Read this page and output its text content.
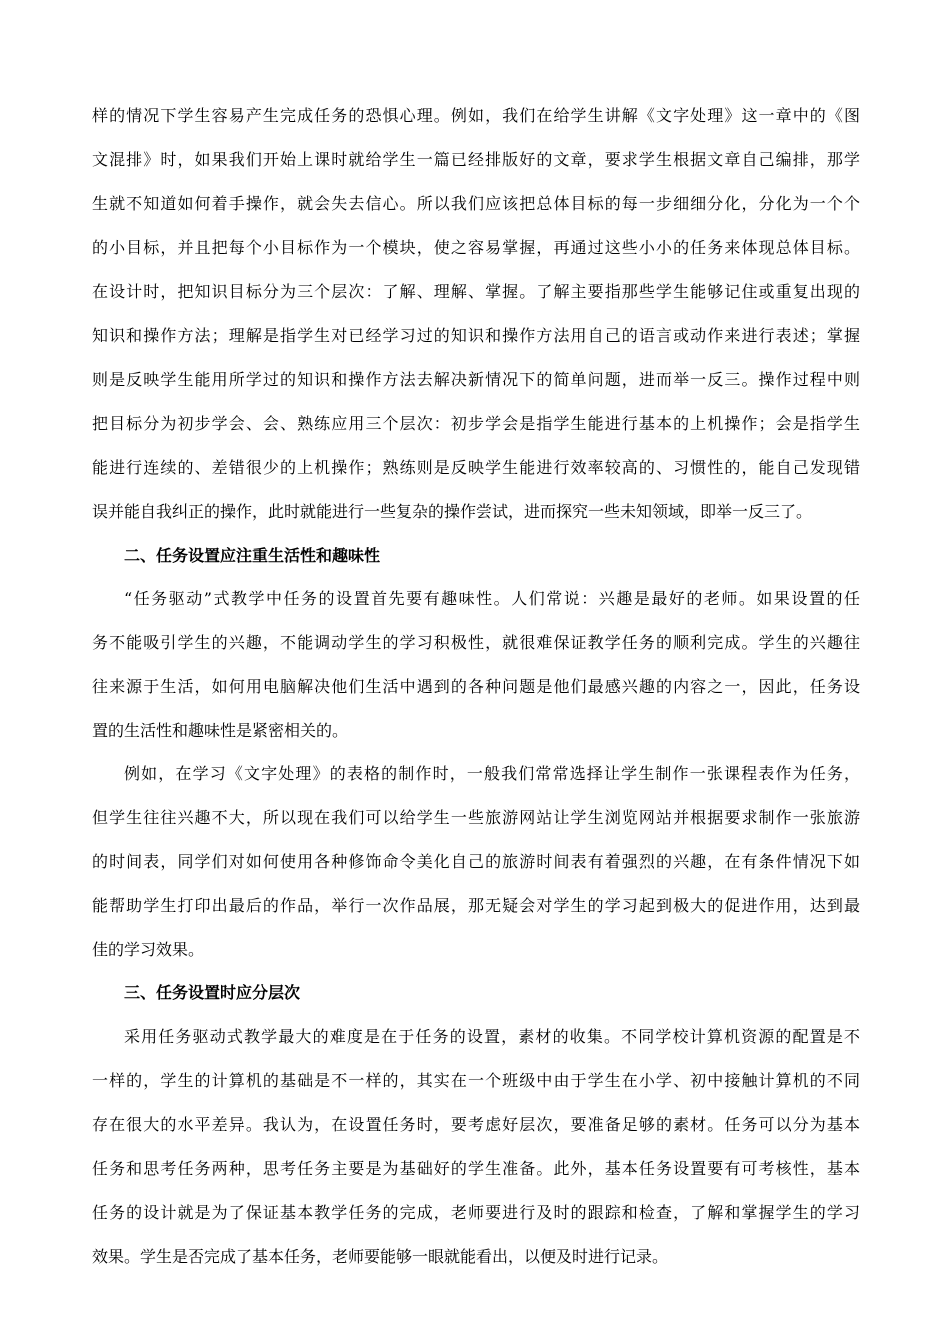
样的情况下学生容易产生完成任务的恐惧心理。例如，我们在给学生讲解《文字处理》这一章中的《图
文混排》时，如果我们开始上课时就给学生一篇已经排版好的文章，要求学生根据文章自己编排，那学
生就不知道如何着手操作，就会失去信心。所以我们应该把总体目标的每一步细细分化，分化为一个个
的小目标，并且把每个小目标作为一个模块，使之容易掌握，再通过这些小小的任务来体现总体目标。
在设计时，把知识目标分为三个层次：了解、理解、掌握。了解主要指那些学生能够记住或重复出现的
知识和操作方法；理解是指学生对已经学习过的知识和操作方法用自己的语言或动作来进行表述；掌握
则是反映学生能用所学过的知识和操作方法去解决新情况下的简单问题，进而举一反三。操作过程中则
把目标分为初步学会、会、熟练应用三个层次：初步学会是指学生能进行基本的上机操作；会是指学生
能进行连续的、差错很少的上机操作；熟练则是反映学生能进行效率较高的、习惯性的，能自己发现错
误并能自我纠正的操作，此时就能进行一些复杂的操作尝试，进而探究一些未知领域，即举一反三了。
二、任务设置应注重生活性和趣味性
“任务驱动”式教学中任务的设置首先要有趣味性。人们常说：兴趣是最好的老师。如果设置的任
务不能吸引学生的兴趣，不能调动学生的学习积极性，就很难保证教学任务的顺利完成。学生的兴趣往
往来源于生活，如何用电脑解决他们生活中遇到的各种问题是他们最感兴趣的内容之一，因此，任务设
置的生活性和趣味性是紧密相关的。
例如，在学习《文字处理》的表格的制作时，一般我们常常选择让学生制作一张课程表作为任务，
但学生往往兴趣不大，所以现在我们可以给学生一些旅游网站让学生浏览网站并根据要求制作一张旅游
的时间表，同学们对如何使用各种修饰命令美化自己的旅游时间表有着强烈的兴趣，在有条件情况下如
能帮助学生打印出最后的作品，举行一次作品展，那无疑会对学生的学习起到极大的促进作用，达到最
佳的学习效果。
三、任务设置时应分层次
采用任务驱动式教学最大的难度是在于任务的设置，素材的收集。不同学校计算机资源的配置是不
一样的，学生的计算机的基础是不一样的，其实在一个班级中由于学生在小学、初中接触计算机的不同
存在很大的水平差异。我认为，在设置任务时，要考虑好层次，要准备足够的素材。任务可以分为基本
任务和思考任务两种，思考任务主要是为基础好的学生准备。此外，基本任务设置要有可考核性，基本
任务的设计就是为了保证基本教学任务的完成，老师要进行及时的跟踪和检查，了解和掌握学生的学习
效果。学生是否完成了基本任务，老师要能够一眼就能看出，以便及时进行记录。
